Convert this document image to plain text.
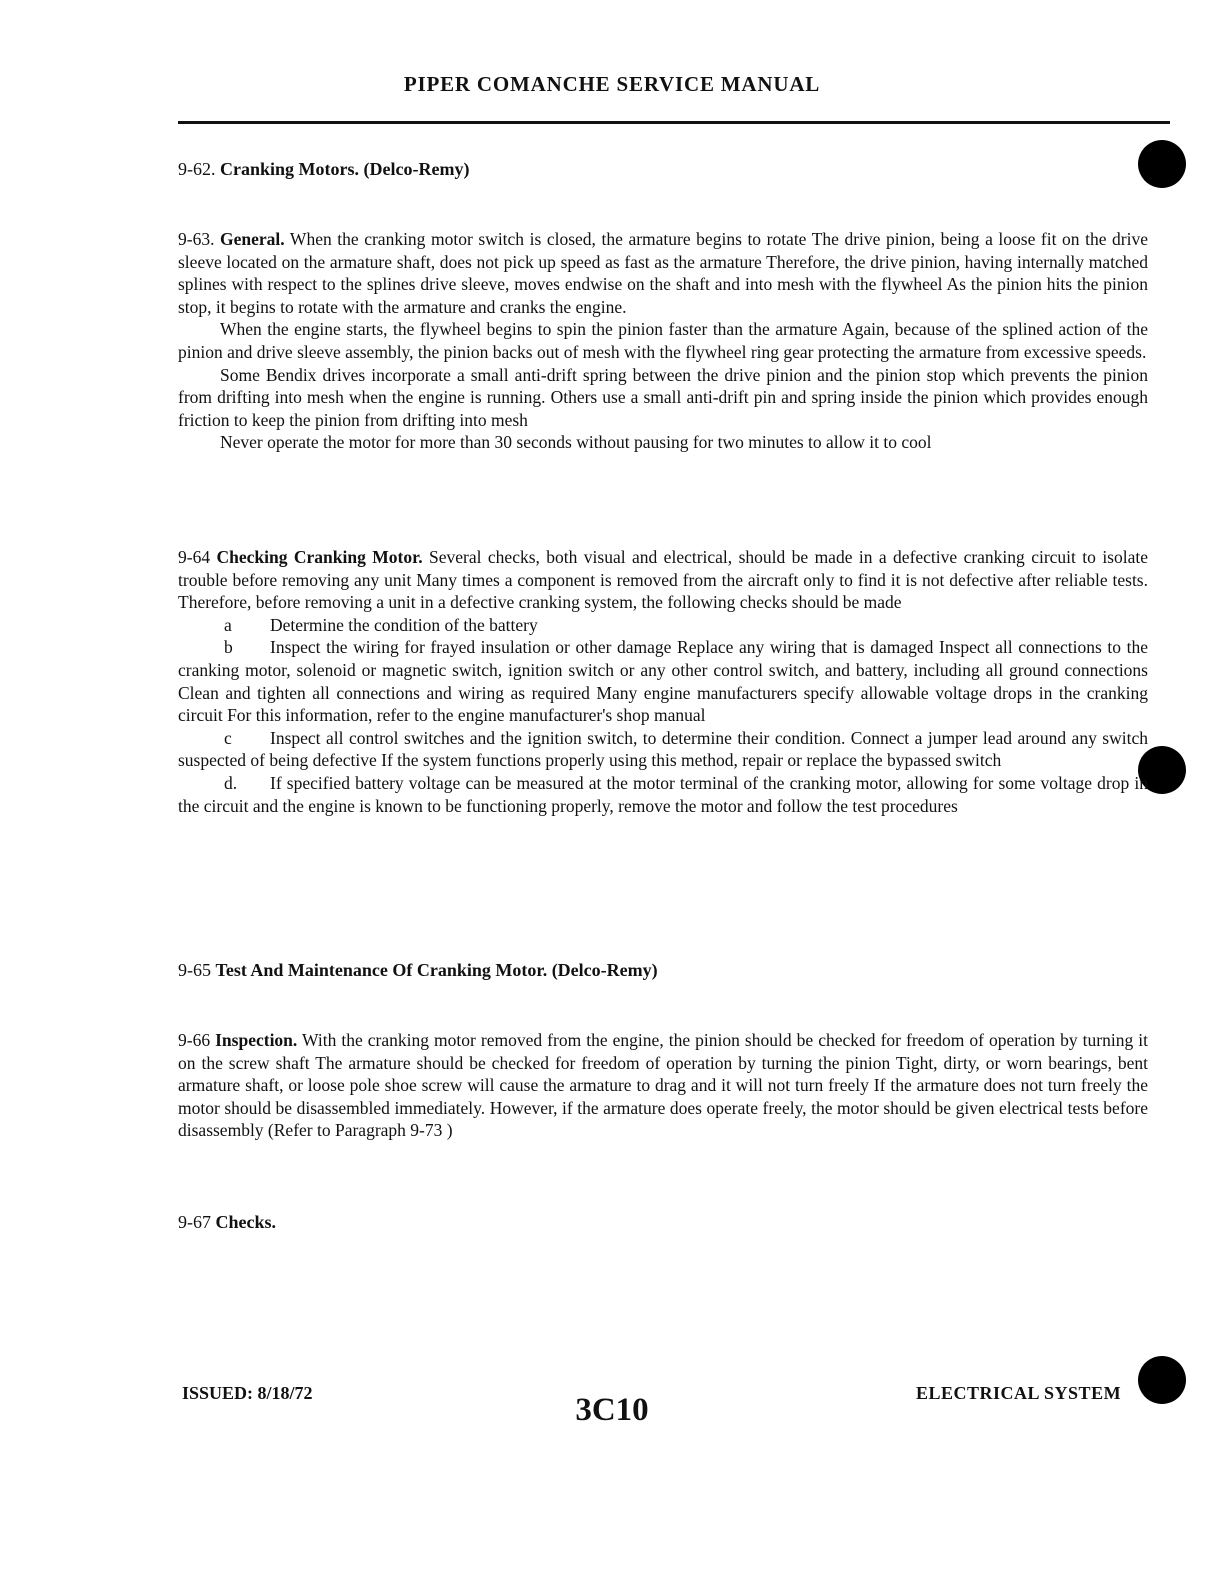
PIPER COMANCHE SERVICE MANUAL
9-62. Cranking Motors. (Delco-Remy)

9-63. General. When the cranking motor switch is closed, the armature begins to rotate The drive pinion, being a loose fit on the drive sleeve located on the armature shaft, does not pick up speed as fast as the armature Therefore, the drive pinion, having internally matched splines with respect to the splines drive sleeve, moves endwise on the shaft and into mesh with the flywheel As the pinion hits the pinion stop, it begins to rotate with the armature and cranks the engine.

When the engine starts, the flywheel begins to spin the pinion faster than the armature Again, because of the splined action of the pinion and drive sleeve assembly, the pinion backs out of mesh with the flywheel ring gear protecting the armature from excessive speeds.

Some Bendix drives incorporate a small anti-drift spring between the drive pinion and the pinion stop which prevents the pinion from drifting into mesh when the engine is running. Others use a small anti-drift pin and spring inside the pinion which provides enough friction to keep the pinion from drifting into mesh

Never operate the motor for more than 30 seconds without pausing for two minutes to allow it to cool

9-64 Checking Cranking Motor. Several checks, both visual and electrical, should be made in a defective cranking circuit to isolate trouble before removing any unit Many times a component is removed from the aircraft only to find it is not defective after reliable tests. Therefore, before removing a unit in a defective cranking system, the following checks should be made

a Determine the condition of the battery

b Inspect the wiring for frayed insulation or other damage Replace any wiring that is damaged Inspect all connections to the cranking motor, solenoid or magnetic switch, ignition switch or any other control switch, and battery, including all ground connections Clean and tighten all connections and wiring as required Many engine manufacturers specify allowable voltage drops in the cranking circuit For this information, refer to the engine manufacturer's shop manual

c Inspect all control switches and the ignition switch, to determine their condition. Connect a jumper lead around any switch suspected of being defective If the system functions properly using this method, repair or replace the bypassed switch

d. If specified battery voltage can be measured at the motor terminal of the cranking motor, allowing for some voltage drop in the circuit and the engine is known to be functioning properly, remove the motor and follow the test procedures

9-65 Test And Maintenance Of Cranking Motor. (Delco-Remy)

9-66 Inspection. With the cranking motor removed from the engine, the pinion should be checked for freedom of operation by turning it on the screw shaft The armature should be checked for freedom of operation by turning the pinion Tight, dirty, or worn bearings, bent armature shaft, or loose pole shoe screw will cause the armature to drag and it will not turn freely If the armature does not turn freely the motor should be disassembled immediately. However, if the armature does operate freely, the motor should be given electrical tests before disassembly (Refer to Paragraph 9-73 )

9-67 Checks.
ISSUED: 8/18/72	3C10	ELECTRICAL SYSTEM
